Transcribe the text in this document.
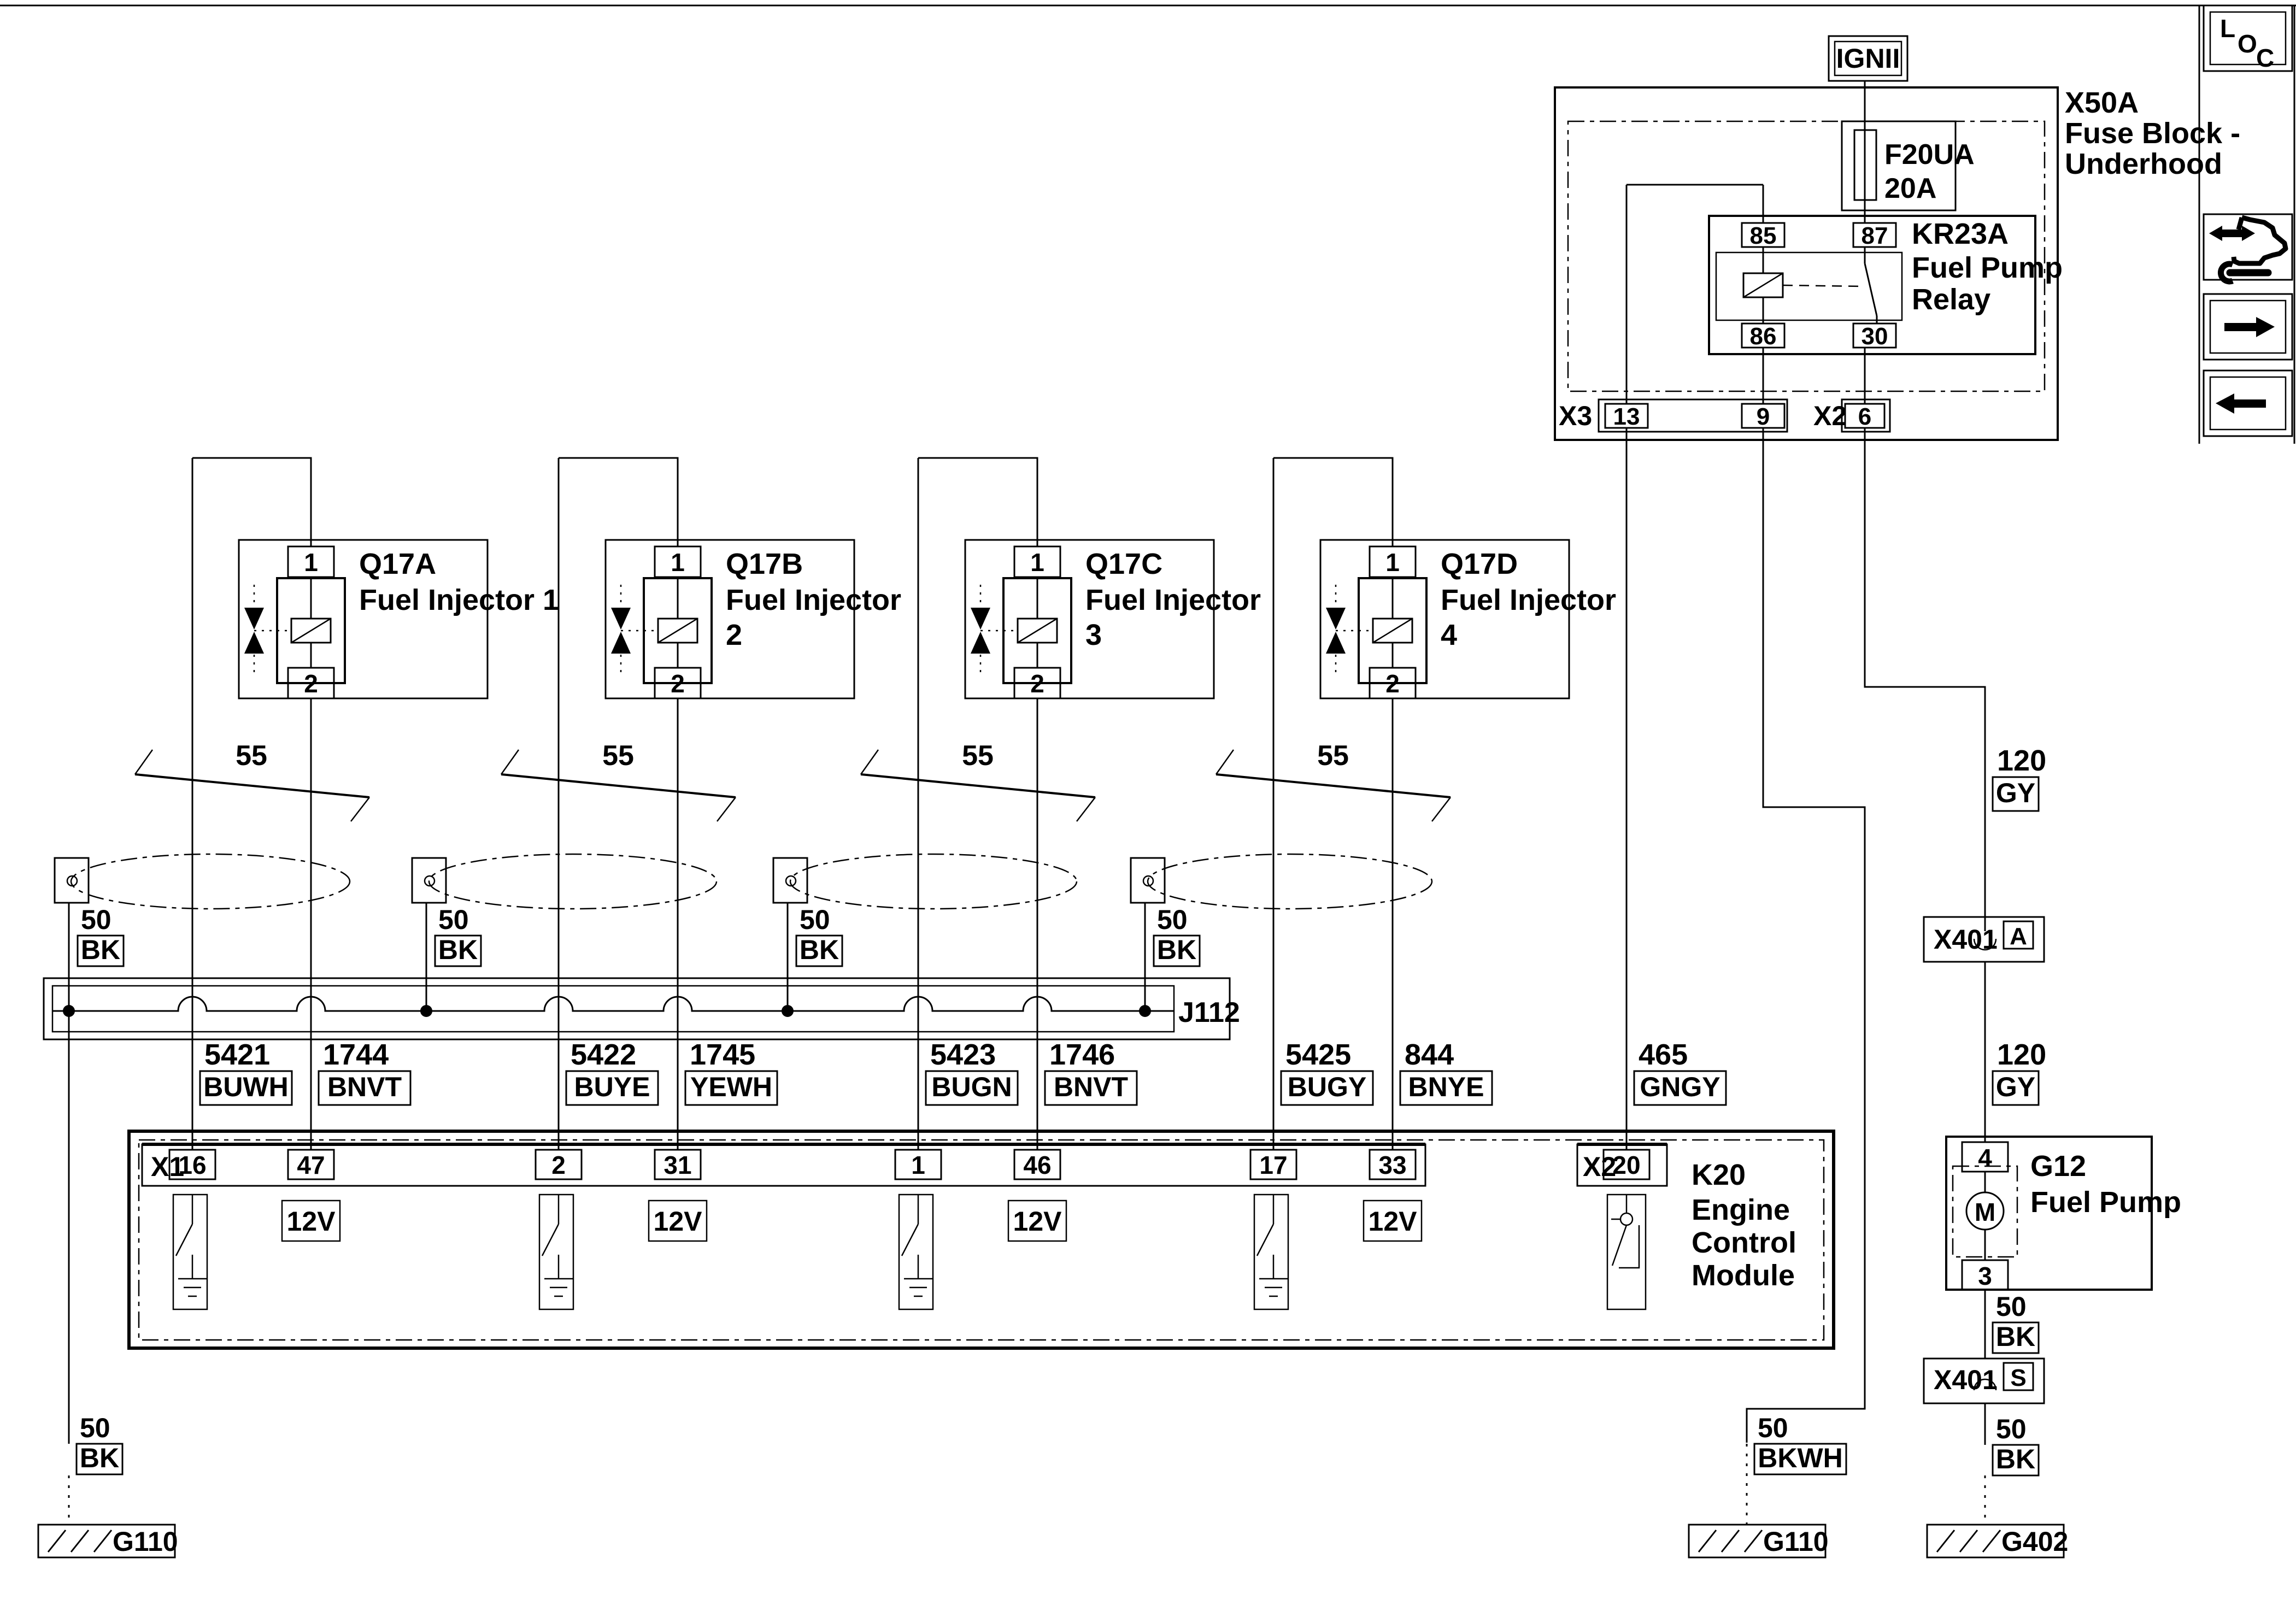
L
O
C
IGNII
X50A
Fuse Block -
Underhood
F20UA
20A
85	87
86	30
KR23A
Fuel Pump
Relay
X3 13	9 X2 6
465
GNGY
120
GY
X401 A
120
GY
50
BKWH
4
M
3
G12
Fuel Pump
50
BK
X401 S
50
BK
1
2
Q17A
Fuel Injector 1
55
50
BK
5421
BUWH
1744
BNVT
1
2
Q17B
Fuel Injector
2
55
50
BK
5422
BUYE
1745
YEWH
1
2
Q17C
Fuel Injector
3
55
50
BK
5423
BUGN
1746
BNVT
1
2
Q17D
Fuel Injector
4
55
50
BK
5425
BUGY
844
BNYE
J112
50
BK
X1
16	47	2	31	1	46	17	33	X2
20
12V	12V	12V	12V
K20
Engine
Control
Module
G110	G110	G402
